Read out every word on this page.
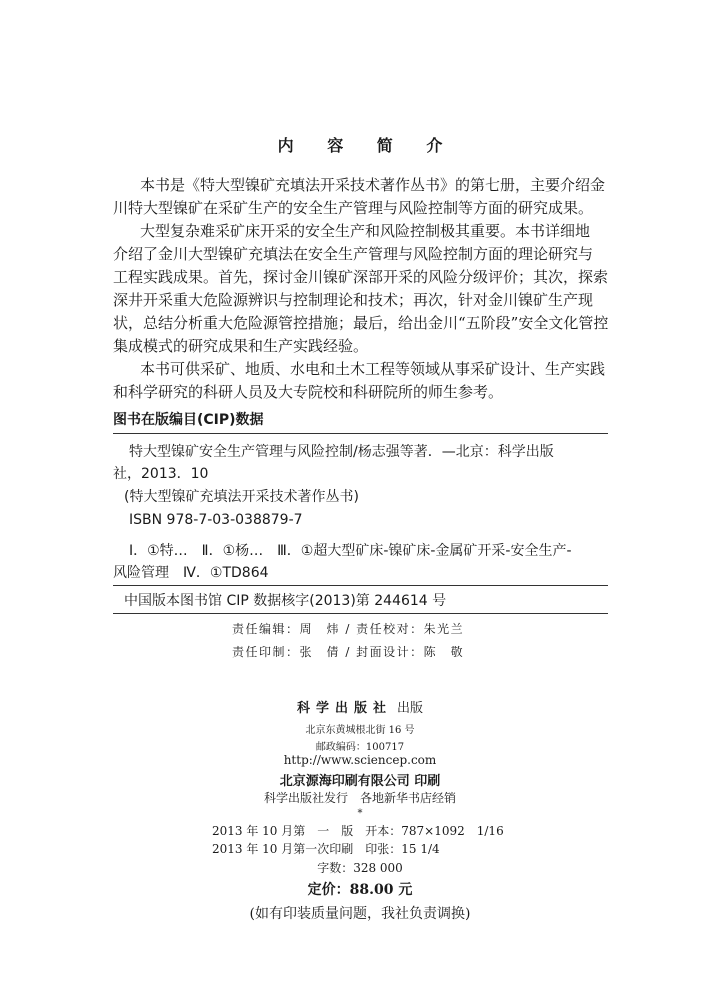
内 容 简 介
本书是《特大型镍矿充填法开采技术著作丛书》的第七册，主要介绍金
川特大型镍矿在采矿生产的安全生产管理与风险控制等方面的研究成果。
大型复杂难采矿床开采的安全生产和风险控制极其重要。本书详细地
介绍了金川大型镍矿充填法在安全生产管理与风险控制方面的理论研究与
工程实践成果。首先，探讨金川镍矿深部开采的风险分级评价；其次，探索
深井开采重大危险源辨识与控制理论和技术；再次，针对金川镍矿生产现
状，总结分析重大危险源管控措施；最后，给出金川“五阶段”安全文化管控
集成模式的研究成果和生产实践经验。
本书可供采矿、地质、水电和土木工程等领域从事采矿设计、生产实践
和科学研究的科研人员及大专院校和科研院所的师生参考。
图书在版编目(CIP)数据
特大型镍矿安全生产管理与风险控制/杨志强等著．—北京：科学出版
社，2013．10
(特大型镍矿充填法开采技术著作丛书)
ISBN 978-7-03-038879-7
Ⅰ．①特…　Ⅱ．①杨…　Ⅲ．①超大型矿床-镍矿床-金属矿开采-安全生产-
风险管理　Ⅳ．①TD864
中国版本图书馆 CIP 数据核字(2013)第 244614 号
责任编辑：周　炜 / 责任校对：朱光兰
责任印制：张　倩 / 封面设计：陈　敬
科学出版社 出版
北京东黄城根北街 16 号
邮政编码：100717
http://www.sciencep.com
北京源海印刷有限公司 印刷
科学出版社发行　各地新华书店经销
*
2013 年 10 月第　一　版　开本：787×1092　1/16
2013 年 10 月第一次印刷　印张：15 1/4
字数：328 000
定价：88.00 元
(如有印装质量问题，我社负责调换)
